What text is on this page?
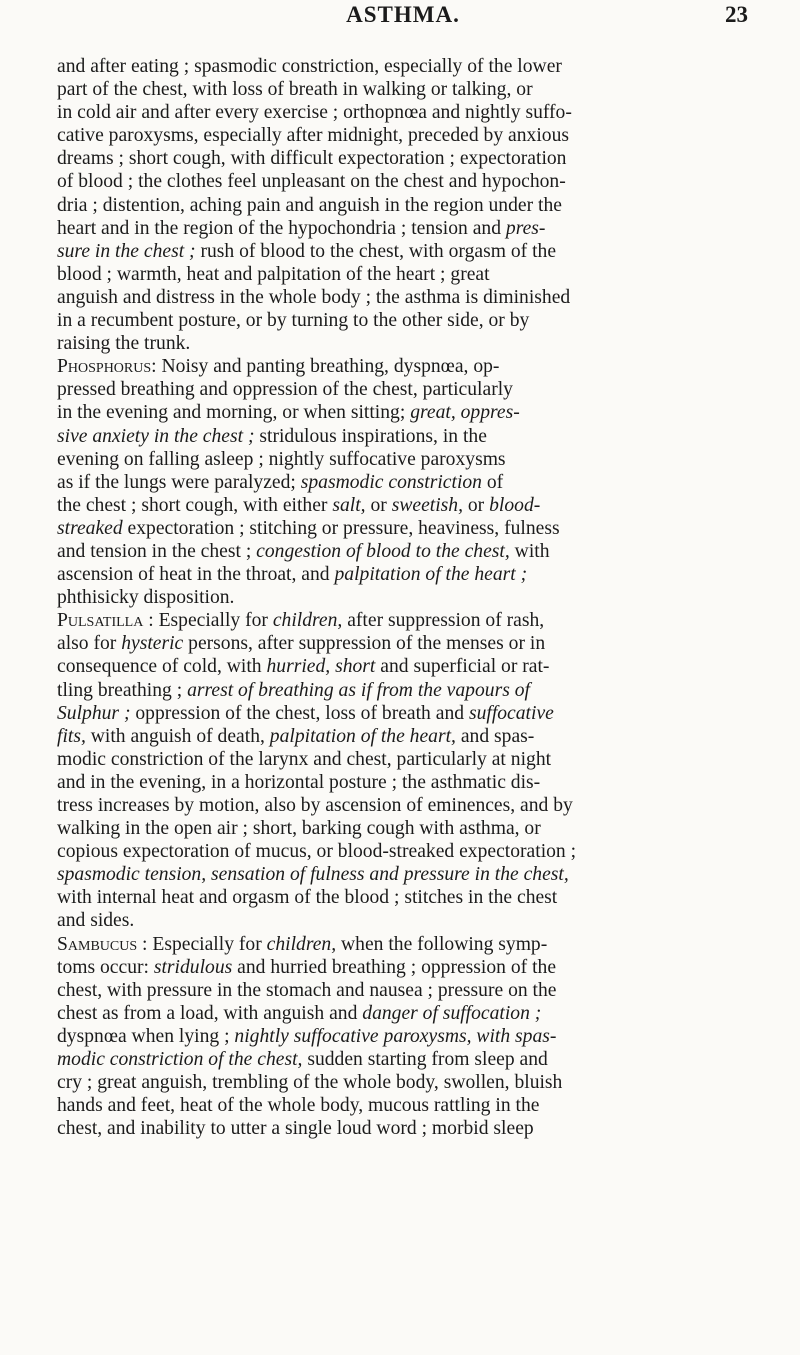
ASTHMA.	23
and after eating ; spasmodic constriction, especially of the lower
part of the chest, with loss of breath in walking or talking, or
in cold air and after every exercise ; orthopnœa and nightly suffo-
cative paroxysms, especially after midnight, preceded by anxious
dreams ; short cough, with difficult expectoration ; expectoration
of blood ; the clothes feel unpleasant on the chest and hypochon-
dria ; distention, aching pain and anguish in the region under the
heart and in the region of the hypochondria ; tension and pres-
sure in the chest ; rush of blood to the chest, with orgasm of the
blood ; warmth, heat and palpitation of the heart ; great
anguish and distress in the whole body ; the asthma is diminished
in a recumbent posture, or by turning to the other side, or by
raising the trunk.
Phosphorus: Noisy and panting breathing, dyspnœa, op-
pressed breathing and oppression of the chest, particularly
in the evening and morning, or when sitting; great, oppres-
sive anxiety in the chest ; stridulous inspirations, in the
evening on falling asleep ; nightly suffocative paroxysms
as if the lungs were paralyzed; spasmodic constriction of
the chest ; short cough, with either salt, or sweetish, or blood-
streaked expectoration ; stitching or pressure, heaviness, fulness
and tension in the chest ; congestion of blood to the chest, with
ascension of heat in the throat, and palpitation of the heart ;
phthisicky disposition.
Pulsatilla : Especially for children, after suppression of rash,
also for hysteric persons, after suppression of the menses or in
consequence of cold, with hurried, short and superficial or rat-
tling breathing ; arrest of breathing as if from the vapours of
Sulphur ; oppression of the chest, loss of breath and suffocative
fits, with anguish of death, palpitation of the heart, and spas-
modic constriction of the larynx and chest, particularly at night
and in the evening, in a horizontal posture ; the asthmatic dis-
tress increases by motion, also by ascension of eminences, and by
walking in the open air ; short, barking cough with asthma, or
copious expectoration of mucus, or blood-streaked expectoration ;
spasmodic tension, sensation of fulness and pressure in the chest,
with internal heat and orgasm of the blood ; stitches in the chest
and sides.
Sambucus : Especially for children, when the following symp-
toms occur: stridulous and hurried breathing ; oppression of the
chest, with pressure in the stomach and nausea ; pressure on the
chest as from a load, with anguish and danger of suffocation ;
dyspnœa when lying ; nightly suffocative paroxysms, with spas-
modic constriction of the chest, sudden starting from sleep and
cry ; great anguish, trembling of the whole body, swollen, bluish
hands and feet, heat of the whole body, mucous rattling in the
chest, and inability to utter a single loud word ; morbid sleep
